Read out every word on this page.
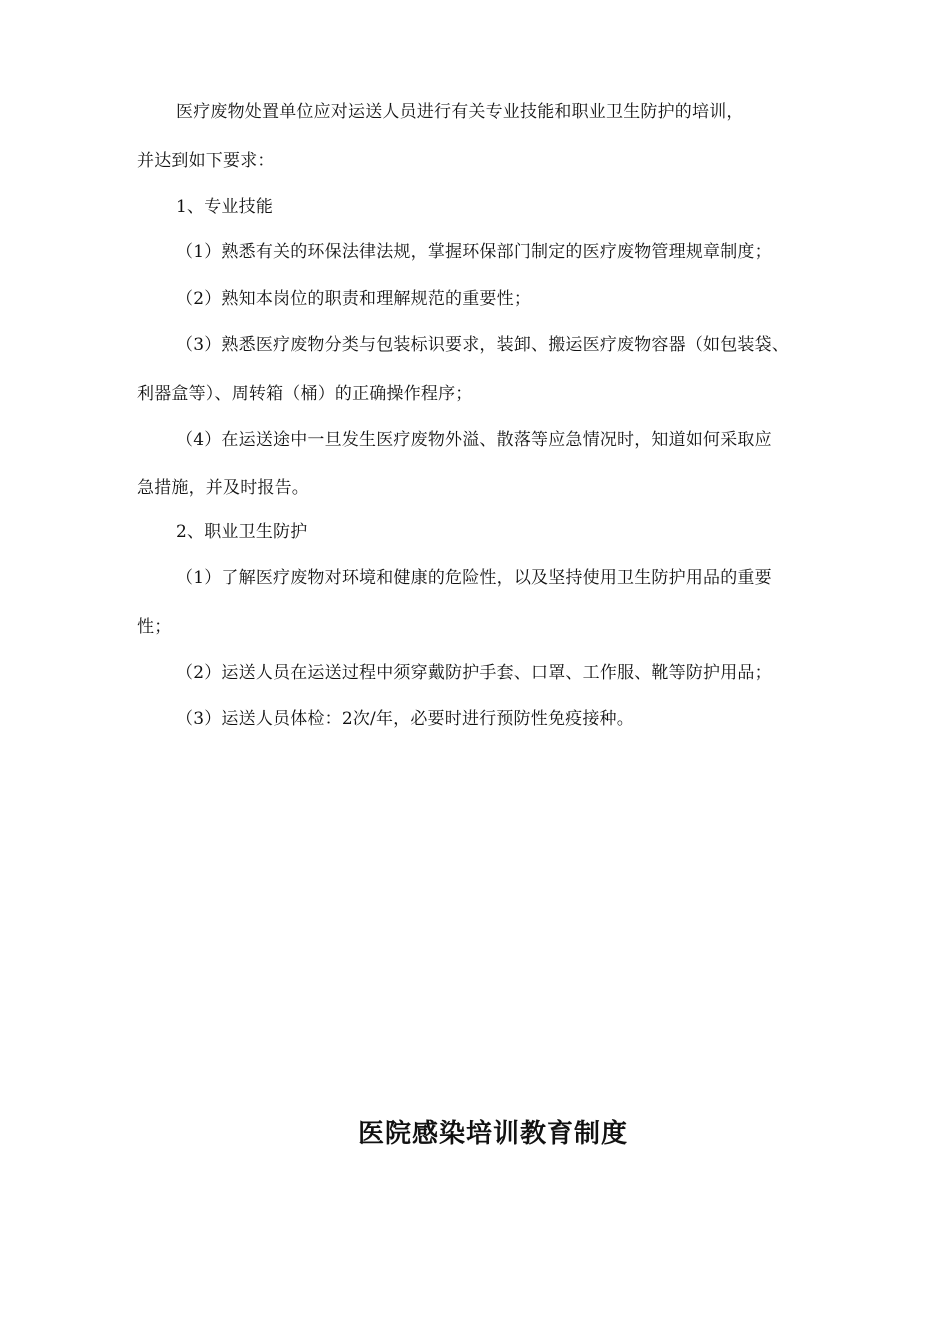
医疗废物处置单位应对运送人员进行有关专业技能和职业卫生防护的培训，
并达到如下要求：
1、专业技能
（1）熟悉有关的环保法律法规，掌握环保部门制定的医疗废物管理规章制度；
（2）熟知本岗位的职责和理解规范的重要性；
（3）熟悉医疗废物分类与包装标识要求，装卸、搬运医疗废物容器（如包装袋、
利器盒等）、周转箱（桶）的正确操作程序；
（4）在运送途中一旦发生医疗废物外溢、散落等应急情况时，知道如何采取应
急措施，并及时报告。
2、职业卫生防护
（1）了解医疗废物对环境和健康的危险性，以及坚持使用卫生防护用品的重要
性；
（2）运送人员在运送过程中须穿戴防护手套、口罩、工作服、靴等防护用品；
（3）运送人员体检：2次/年，必要时进行预防性免疫接种。
医院感染培训教育制度
